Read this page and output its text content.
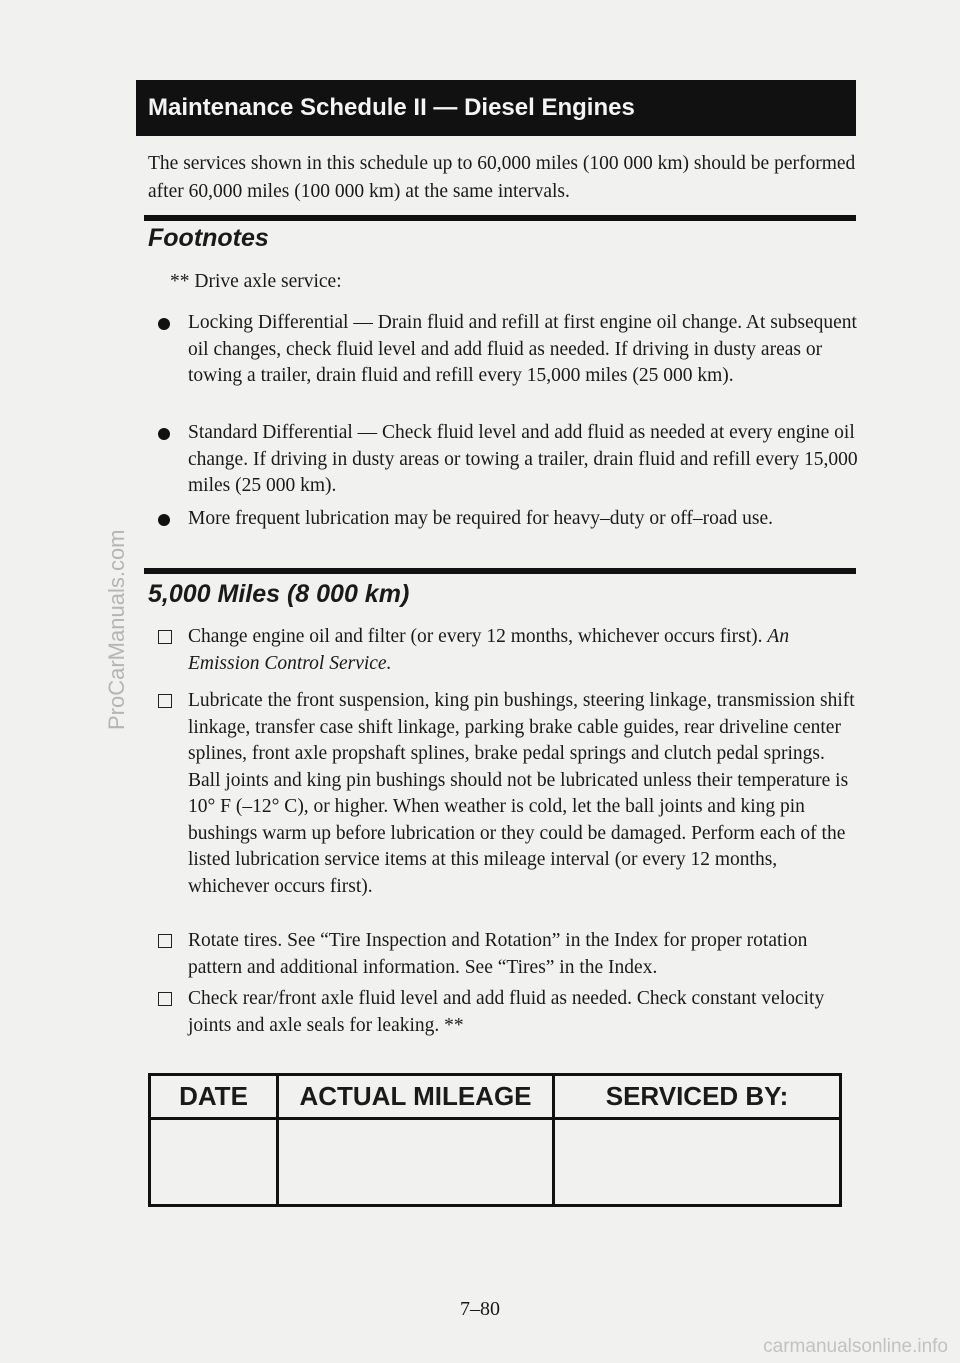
Maintenance Schedule II — Diesel Engines
The services shown in this schedule up to 60,000 miles (100 000 km) should be performed after 60,000 miles (100 000 km) at the same intervals.
Footnotes
** Drive axle service:
Locking Differential — Drain fluid and refill at first engine oil change. At subsequent oil changes, check fluid level and add fluid as needed. If driving in dusty areas or towing a trailer, drain fluid and refill every 15,000 miles (25 000 km).
Standard Differential — Check fluid level and add fluid as needed at every engine oil change. If driving in dusty areas or towing a trailer, drain fluid and refill every 15,000 miles (25 000 km).
More frequent lubrication may be required for heavy–duty or off–road use.
5,000 Miles (8 000 km)
Change engine oil and filter (or every 12 months, whichever occurs first). An Emission Control Service.
Lubricate the front suspension, king pin bushings, steering linkage, transmission shift linkage, transfer case shift linkage, parking brake cable guides, rear driveline center splines, front axle propshaft splines, brake pedal springs and clutch pedal springs. Ball joints and king pin bushings should not be lubricated unless their temperature is 10° F (–12° C), or higher. When weather is cold, let the ball joints and king pin bushings warm up before lubrication or they could be damaged. Perform each of the listed lubrication service items at this mileage interval (or every 12 months, whichever occurs first).
Rotate tires. See “Tire Inspection and Rotation” in the Index for proper rotation pattern and additional information. See “Tires” in the Index.
Check rear/front axle fluid level and add fluid as needed. Check constant velocity joints and axle seals for leaking. **
DATE	ACTUAL MILEAGE	SERVICED BY:
7–80
ProCarManuals.com
carmanualsonline.info
